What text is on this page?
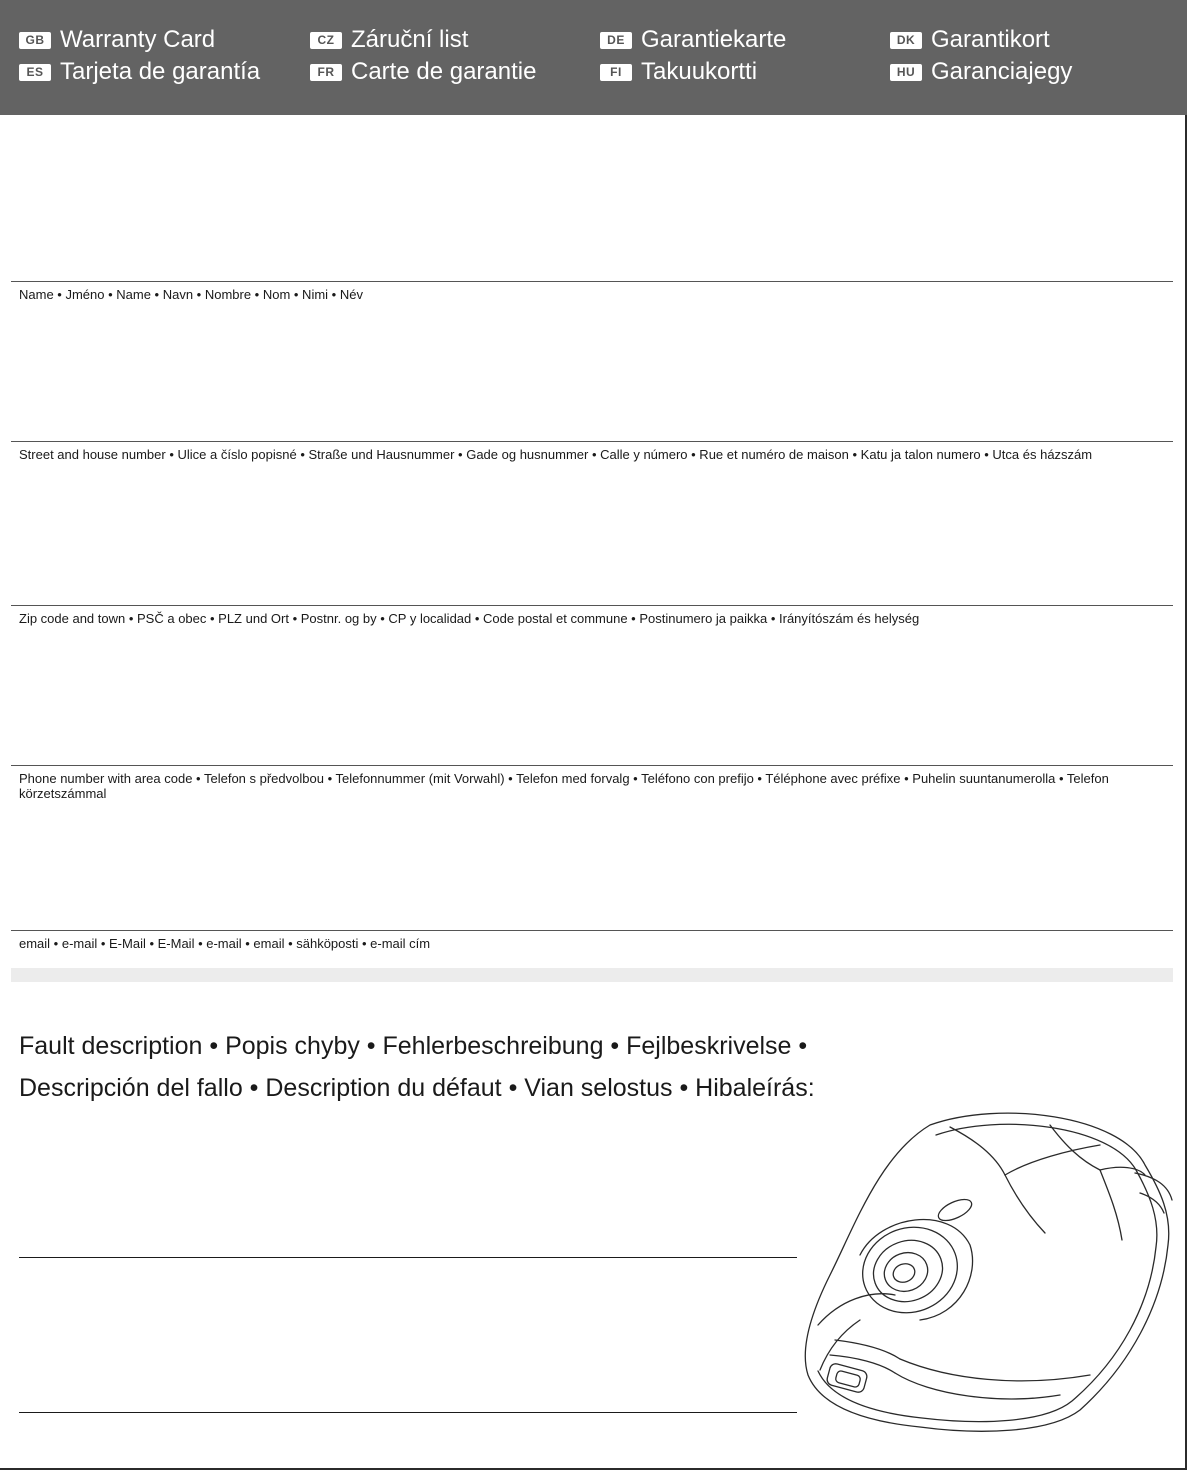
GB Warranty Card
ES Tarjeta de garantía
CZ Záruční list
FR Carte de garantie
DE Garantiekarte
FI Takuukortti
DK Garantikort
HU Garanciajegy
Name • Jméno • Name • Navn • Nombre • Nom • Nimi • Név
Street and house number • Ulice a číslo popisné • Straße und Hausnummer • Gade og husnummer • Calle y número • Rue et numéro de maison • Katu ja talon numero • Utca és házszám
Zip code and town • PSČ a obec • PLZ und Ort • Postnr. og by • CP y localidad • Code postal et commune • Postinumero ja paikka • Irányítószám és helység
Phone number with area code • Telefon s předvolbou • Telefonnummer (mit Vorwahl) • Telefon med forvalg • Teléfono con prefijo • Téléphone avec préfixe • Puhelin suuntanumerolla • Telefon körzetszámmal
email • e-mail • E-Mail • E-Mail • e-mail • email • sähköposti • e-mail cím
Fault description • Popis chyby • Fehlerbeschreibung • Fejlbeskrivelse •
Descripción del fallo • Description du défaut • Vian selostus • Hibaleírás:
